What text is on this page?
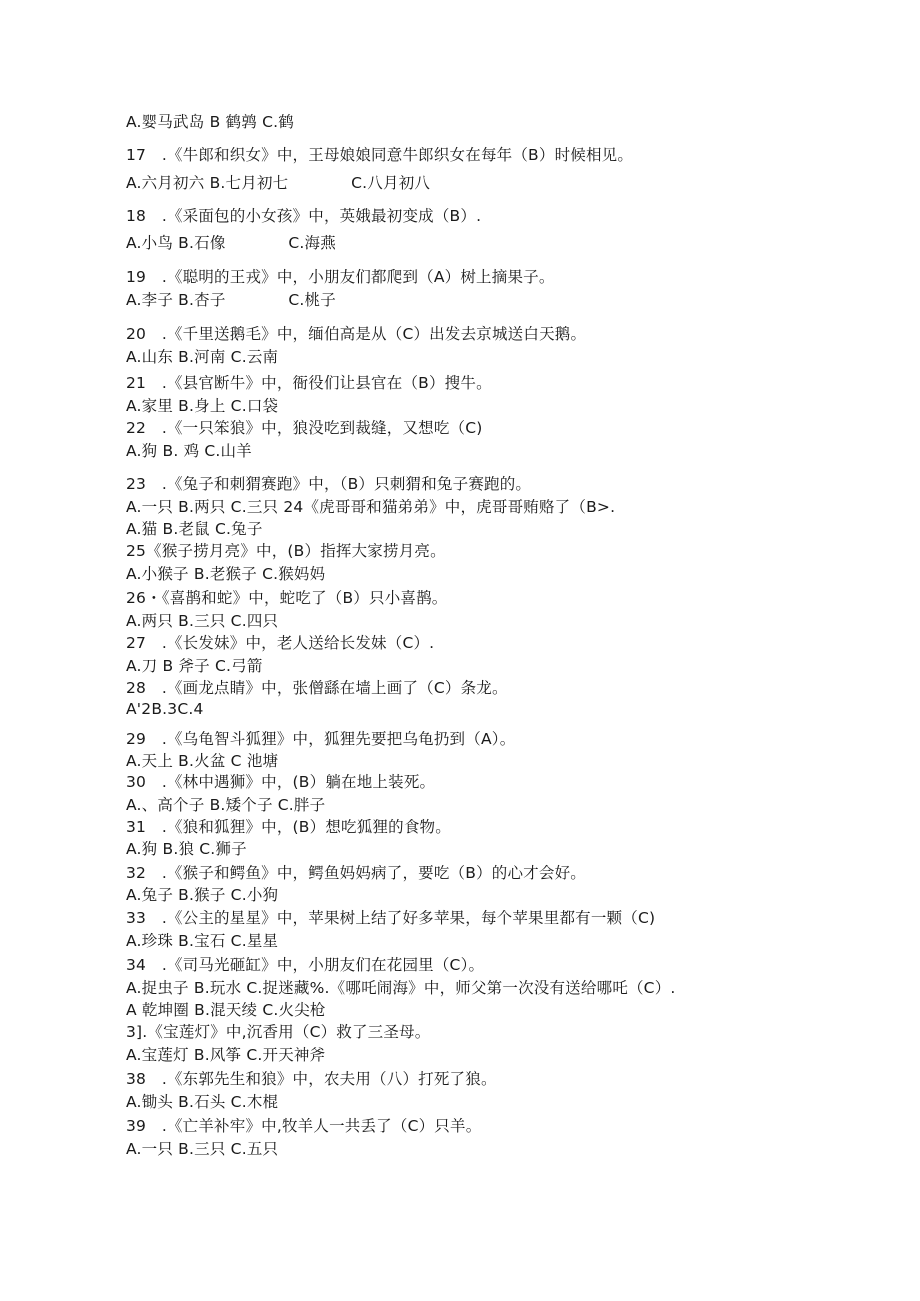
A.婴马武岛 B 鹤鹑 C.鹤
17　.《牛郎和织女》中，王母娘娘同意牛郎织女在每年（B）时候相见。
A.六月初六 B.七月初七　　　　C.八月初八
18　.《采面包的小女孩》中，英娥最初变成（B）.
A.小鸟 B.石像　　　　C.海燕
19　.《聪明的王戎》中，小朋友们都爬到（A）树上摘果子。
A.李子 B.杏子　　　　C.桃子
20　.《千里送鹅毛》中，缅伯高是从（C）出发去京城送白天鹅。
A.山东 B.河南 C.云南
21　.《县官断牛》中，衙役们让县官在（B）搜牛。
A.家里 B.身上 C.口袋
22　.《一只笨狼》中，狼没吃到裁缝，又想吃（C)
A.狗 B. 鸡 C.山羊
23　.《兔子和刺猬赛跑》中，（B）只刺猬和兔子赛跑的。
A.一只 B.两只 C.三只 24《虎哥哥和猫弟弟》中，虎哥哥贿赂了（B>.
A.猫 B.老鼠 C.兔子
25《猴子捞月亮》中，(B）指挥大家捞月亮。
A.小猴子 B.老猴子 C.猴妈妈
26・《喜鹊和蛇》中，蛇吃了（B）只小喜鹊。
A.两只 B.三只 C.四只
27　.《长发妹》中，老人送给长发妹（C）.
A.刀 B 斧子 C.弓箭
28　.《画龙点睛》中，张僧繇在墙上画了（C）条龙。
A'2B.3C.4
29　.《乌龟智斗狐狸》中，狐狸先要把乌龟扔到（A）。
A.天上 B.火盆 C 池塘
30　.《林中遇狮》中，(B）躺在地上装死。
A.、高个子 B.矮个子 C.胖子
31　.《狼和狐狸》中，(B）想吃狐狸的食物。
A.狗 B.狼 C.狮子
32　.《猴子和鳄鱼》中，鳄鱼妈妈病了，要吃（B）的心才会好。
A.兔子 B.猴子 C.小狗
33　.《公主的星星》中，苹果树上结了好多苹果，每个苹果里都有一颗（C)
A.珍珠 B.宝石 C.星星
34　.《司马光砸缸》中，小朋友们在花园里（C）。
A.捉虫子 B.玩水 C.捉迷藏%.《哪吒闹海》中，师父第一次没有送给哪吒（C）.
A 乾坤圈 B.混天绫 C.火尖枪
3].《宝莲灯》中,沉香用（C）救了三圣母。
A.宝莲灯 B.风筝 C.开天神斧
38　.《东郭先生和狼》中，农夫用（八）打死了狼。
A.锄头 B.石头 C.木棍
39　.《亡羊补牢》中,牧羊人一共丢了（C）只羊。
A.一只 B.三只 C.五只
